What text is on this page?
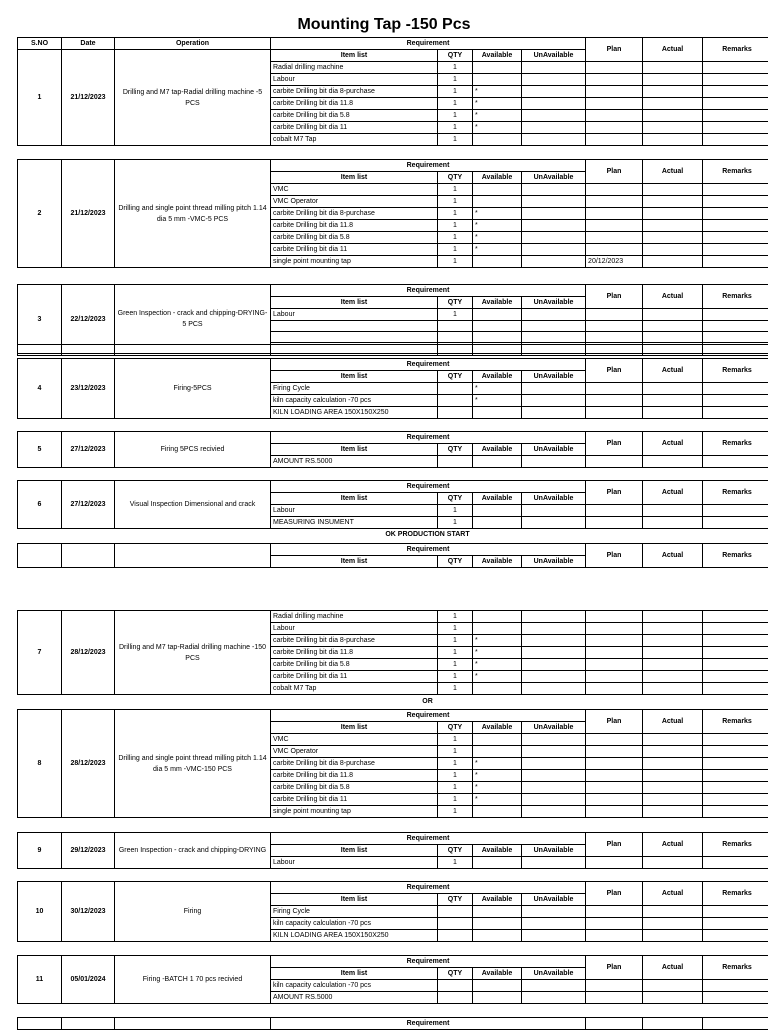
Mounting Tap -150 Pcs
S.NO	Date	Operation	Requirement				Plan	Actual	Remarks
1	21/12/2023	Drilling and M7 tap-Radial drilling machine -5 PCS	Item list	QTY	Available	UnAvailable			
			Radial drilling machine	1					
			Labour	1					
			carbite Drilling bit dia 8-purchase	1	*				
			carbite Drilling bit dia 11.8	1	*				
			carbite Drilling bit dia 5.8	1	*				
			carbite Drilling bit dia 11	1	*				
			cobalt M7 Tap	1					
2	21/12/2023	Drilling and single point thread milling pitch 1.14 dia 5 mm -VMC-5 PCS	Requirement				Plan	Actual	Remarks
			Item list	QTY	Available	UnAvailable			
			VMC	1					
			VMC Operator	1					
			carbite Drilling bit dia 8-purchase	1	*				
			carbite Drilling bit dia 11.8	1	*				
			carbite Drilling bit dia 5.8	1	*				
			carbite Drilling bit dia 11	1	*				
			single point mounting tap	1			20/12/2023		
3	22/12/2023	Green Inspection - crack and chipping-DRYING-5 PCS	Requirement				Plan	Actual	Remarks
			Item list	QTY	Available	UnAvailable			
			Labour	1					

4	23/12/2023	Firing-5PCS	Requirement				Plan	Actual	Remarks
			Item list	QTY	Available	UnAvailable			
			Firing Cycle		*				
			kiln capacity calculation -70 pcs		*				
			KILN LOADING AREA 150X150X250						
5	27/12/2023	Firing 5PCS recivied	Requirement				Plan	Actual	Remarks
			Item list	QTY	Available	UnAvailable			
			AMOUNT RS.5000						
6	27/12/2023	Visual Inspection Dimensional and crack	Requirement				Plan	Actual	Remarks
			Item list	QTY	Available	UnAvailable			
			Labour	1					
			MEASURING INSUMENT	1					
7	28/12/2023	Drilling and M7 tap-Radial drilling machine -150 PCS	Radial drilling machine	1					
			Labour	1					
			carbite Drilling bit dia 8-purchase	1	*				
			carbite Drilling bit dia 11.8	1	*				
			carbite Drilling bit dia 5.8	1	*				
			carbite Drilling bit dia 11	1	*				
			cobalt M7 Tap	1					
8	28/12/2023	Drilling and single point thread milling pitch 1.14 dia 5 mm -VMC-150 PCS	Requirement				Plan	Actual	Remarks
			Item list	QTY	Available	UnAvailable			
			VMC	1					
			VMC Operator	1					
			carbite Drilling bit dia 8-purchase	1	*				
			carbite Drilling bit dia 11.8	1	*				
			carbite Drilling bit dia 5.8	1	*				
			carbite Drilling bit dia 11	1	*				
			single point mounting tap	1					
9	29/12/2023	Green Inspection - crack and chipping-DRYING	Requirement				Plan	Actual	Remarks
			Item list	QTY	Available	UnAvailable			
			Labour	1					
10	30/12/2023	Firing	Requirement				Plan	Actual	Remarks
			Item list	QTY	Available	UnAvailable			
			Firing Cycle						
			kiln capacity calculation -70 pcs						
			KILN LOADING AREA 150X150X250						
11	05/01/2024	Firing -BATCH 1 70 pcs recivied	Requirement				Plan	Actual	Remarks
			Item list	QTY	Available	UnAvailable			
			kiln capacity calculation -70 pcs						
			AMOUNT RS.5000						

OK PRODUCTION START
			Requirement				Plan	Actual	Remarks
			Item list	QTY	Available	UnAvailable			
OR
			Requirement			
